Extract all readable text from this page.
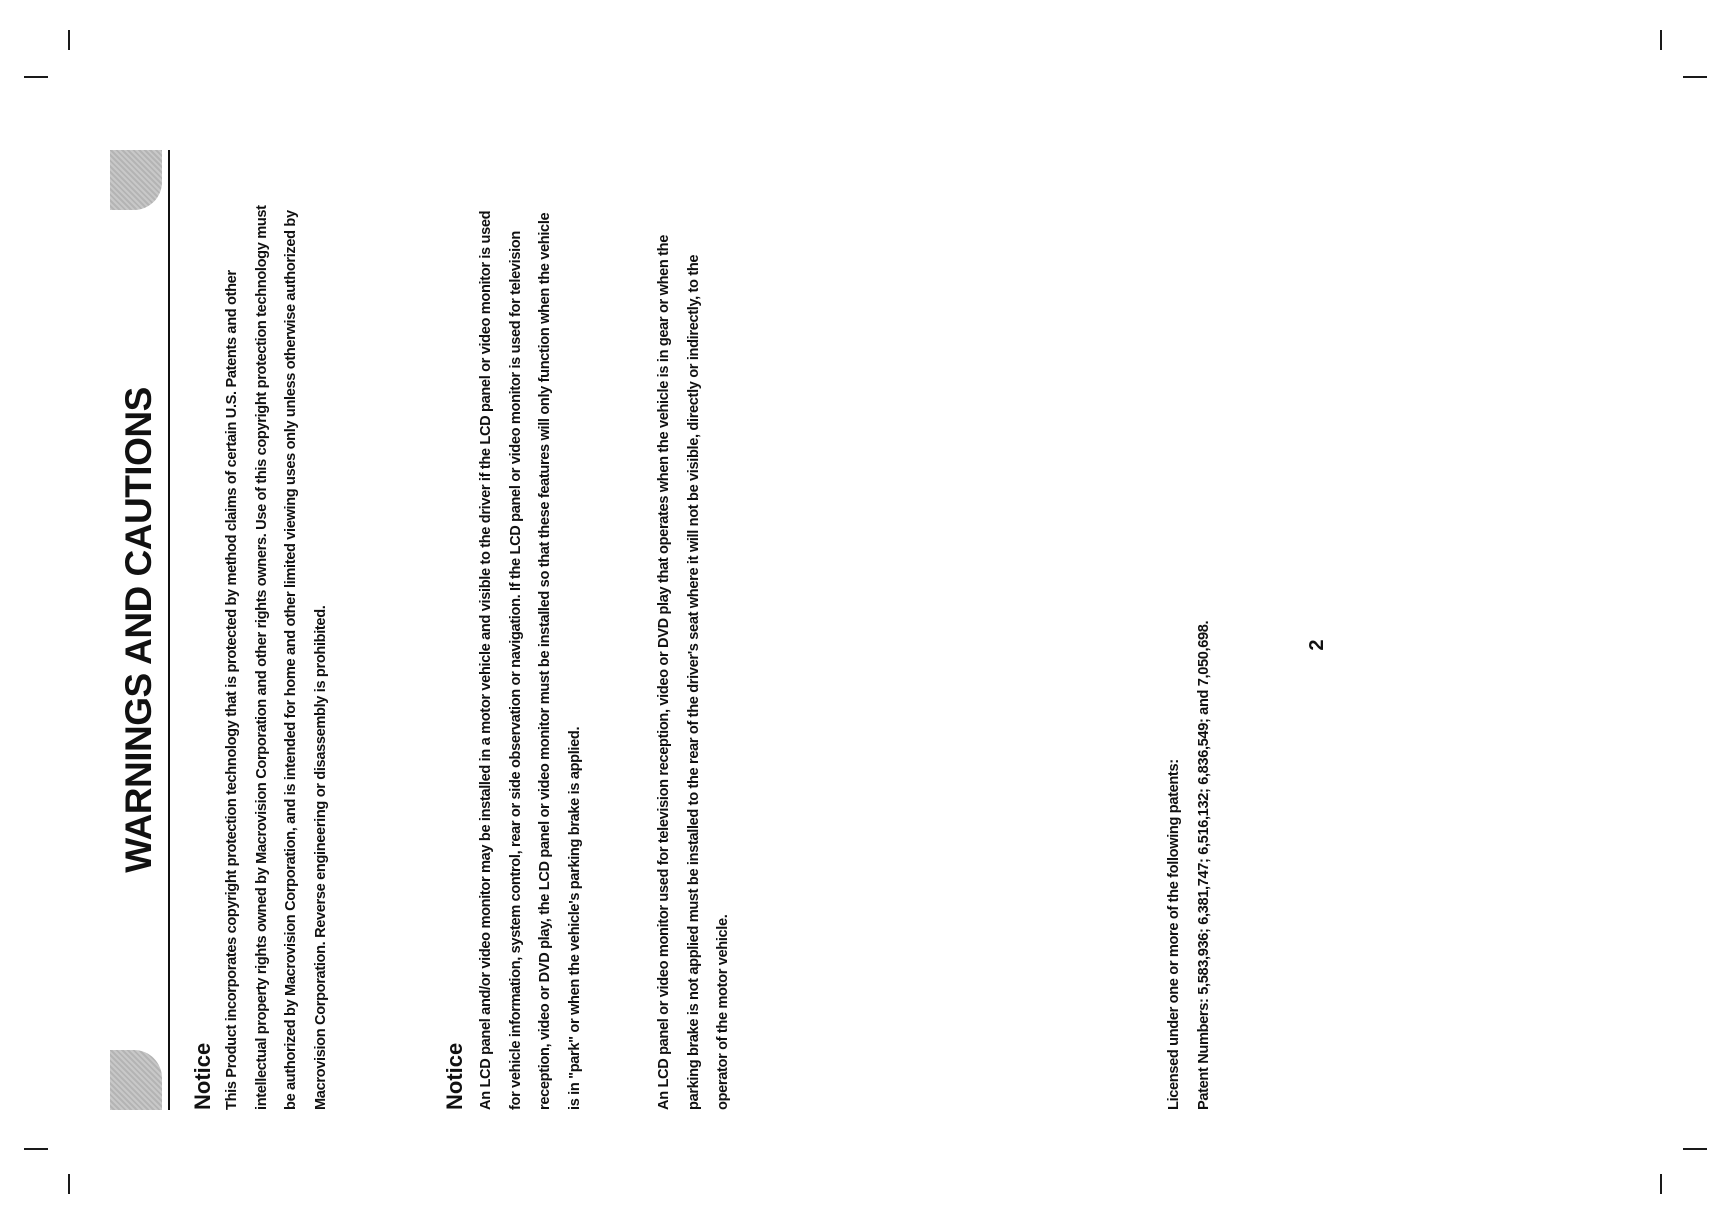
WARNINGS AND CAUTIONS
Notice This Product incorporates copyright protection technology that is protected by method claims of certain U.S. Patents and other intellectual property rights owned by Macrovision Corporation and other rights owners. Use of this copyright protection technology must be authorized by Macrovision Corporation, and is intended for home and other limited viewing uses only unless otherwise authorized by Macrovision Corporation. Reverse engineering or disassembly is prohibited.	Notice An LCD panel and/or video monitor may be installed in a motor vehicle and visible to the driver if the LCD panel or video monitor is used for vehicle information, system control, rear or side observation or navigation. If the LCD panel or video monitor is used for television reception, video or DVD play, the LCD panel or video monitor must be installed so that these features will only function when the vehicle is in "park" or when the vehicle's parking brake is applied.	An LCD panel or video monitor used for television reception, video or DVD play that operates when the vehicle is in gear or when the parking brake is not applied must be installed to the rear of the driver's seat where it will not be visible, directly or indirectly, to the operator of the motor vehicle.	Licensed under one or more of the following patents: Patent Numbers: 5,583,936; 6,381,747; 6,516,132; 6,836,549; and 7,050,698.	2
